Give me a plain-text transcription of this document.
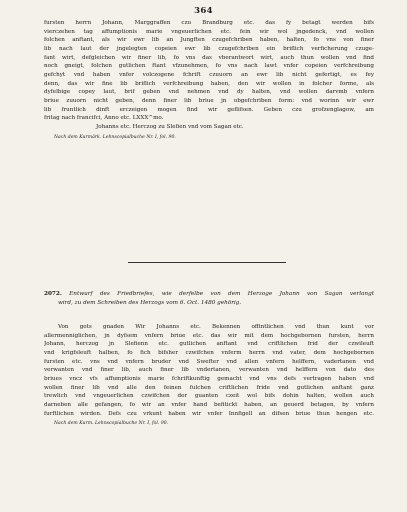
364

fursten herrn Johann, Marggraffen czu Brandburg etc. das fy betagt werden bifs

vierczehen tag affumptionis marie vngeuerlichen etc. fein wir wol jngedenck, vnd wollen

folchen anftant, als wir ewr lib an Jungften czugefchriben haben, halten, fo vns von finer

lib nach laut der jngelegten copeien ewr lib czugefchriben ein briflich verficherung czuge-

fant wirt, defgleichen wir finer lib, fo vns das vberantwort wirt, auch thun wollen vnd find

noch gneigt, folchen gutlichen ftant vfzunehmen, fo vns nach lawt vnfer copeien verfchreibung

gefchyt vnd haben vnfer volczogene fchrift czuuorn an ewr lib nicht gefertigt, es fey

denn, das wir fine lib briflich verfchreibung haben, den wir wollen in folcher forme, als

dyfelbige copey laut, brif geben vnd nehmen vnd dy halten, vnd wollen darvmb vnfern

briue zuuorn nicht geben, denn finer lib briue jn obgefchriben form: vnd worinn wir ewr

lib fruntlich dinft erczeigen mogen find wir geflifsen. Geben czu grofzenglagow, am

fritag nach francifci, Anno etc. LXXX^mo.

Johanns etc. Herczog zu Slefien vnd vom Sagan etc.
Nach dem Kurmärk. Lehnscopialbuche Nr. I, fol. 90.

2072. Entwurf des Friedbriefes, wie derfelbe von dem Herzoge Johann von Sagan verlangt

wird, zu dem Schreiben des Herzogs vom 6. Oct. 1480 gehörig.

Von gots gnaden Wir Johanns etc. Bekennen offintlichen vnd thun kunt vor

allermenniglichen, jn dyfsem vnfern briue etc. das wir mit dem hochgebornen fursten, herrn

Johann, herczog jn Slefienn etc. gutlichen anftant vnd criftlichen frid der czwileuft

vnd krigfsleuft halben, fo fich bifsher czwifchen vnferm herrn vnd vater, dem hochgebornen

fursten etc. vns vnd vnfern bruder vnd Swefter vnd allen vnfern helffern, vadertanen vnd

verwanten vnd finer lib, auch finer lib vndertanen, verwanten vnd helffern von dato des

briues vncz vfs affumptionis marie fchriftkunftig gemacht vnd vns defs vertragen haben vnd

wollen finer lib vnd alle den feinen fulchen criftlichen fride vnd gutlichen anftant ganz

trewlich vnd vngeuerlichen czwifchen der guanten czeit wol bifs dohin halten, wollen auch

darneben alle gefangen, fo wir an vnfer hand befitickt haben, an geuerd betagen, by vnfern

furftlichen wirden. Defs czu vrkunt haben wir vnfer Innfigell an difsen briue thun hengen etc.

Nach dem Kurm. Lehnscopialbuche Nr. I, fol. 90.
